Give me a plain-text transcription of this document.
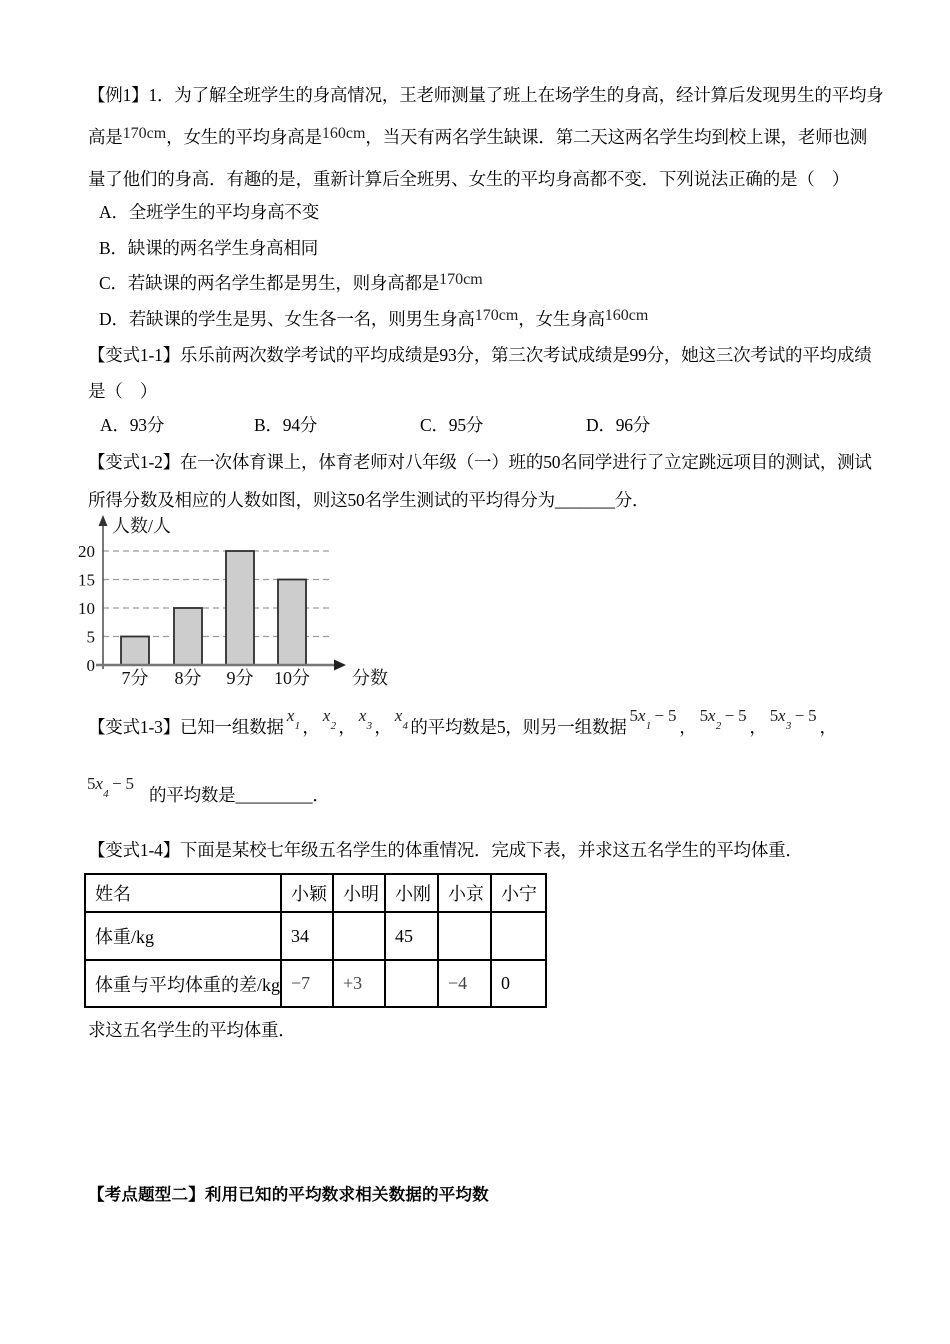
【例1】1．为了解全班学生的身高情况，王老师测量了班上在场学生的身高，经计算后发现男生的平均身
高是170cm，女生的平均身高是160cm，当天有两名学生缺课．第二天这两名学生均到校上课，老师也测
量了他们的身高．有趣的是，重新计算后全班男、女生的平均身高都不变．下列说法正确的是（　）
A．全班学生的平均身高不变
B．缺课的两名学生身高相同
C．若缺课的两名学生都是男生，则身高都是170cm
D．若缺课的学生是男、女生各一名，则男生身高170cm，女生身高160cm
【变式1-1】乐乐前两次数学考试的平均成绩是93分，第三次考试成绩是99分，她这三次考试的平均成绩
是（　）
A．93分	B．94分	C．95分	D．96分
【变式1-2】在一次体育课上，体育老师对八年级（一）班的50名同学进行了立定跳远项目的测试，测试
所得分数及相应的人数如图，则这50名学生测试的平均得分为_______分．
0
5
10
15
20
7分 8分 9分 10分
人数/人
分数
【变式1-3】已知一组数据$x_1$ ，$x_2$ ，$x_3$ ，$x_4$ 的平均数是5，则另一组数据$5x_1 - 5$，$5x_2 - 5$，$5x_3 - 5$，
$5x_4 - 5$ 的平均数是_________．
【变式1-4】下面是某校七年级五名学生的体重情况．完成下表，并求这五名学生的平均体重．
姓名	小颖	小明	小刚	小京	小宁
体重/kg	34		45		
体重与平均体重的差/kg	−7	+3		−4	0
求这五名学生的平均体重．
【考点题型二】利用已知的平均数求相关数据的平均数
